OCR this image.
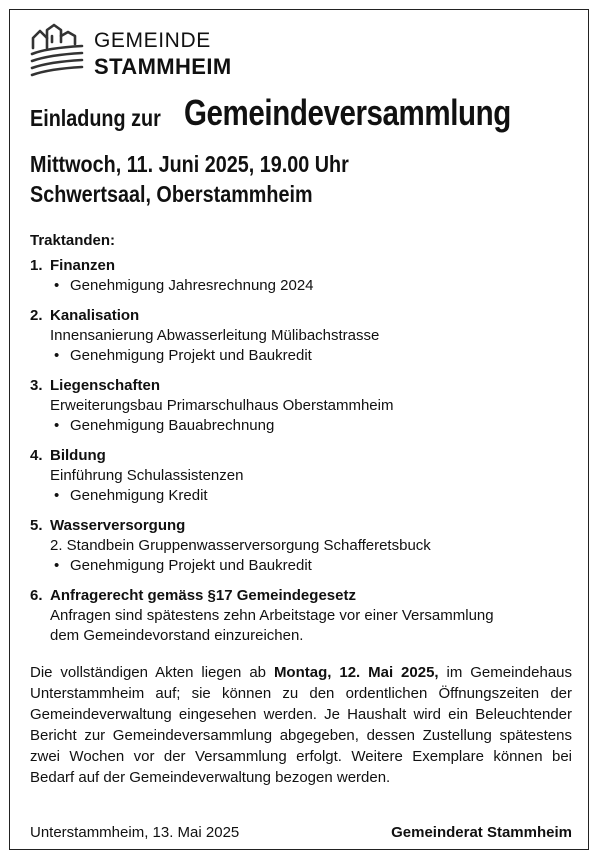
GEMEINDE
STAMMHEIM
Einladung zur Gemeindeversammlung
Mittwoch, 11. Juni 2025, 19.00 Uhr
Schwertsaal, Oberstammheim
Traktanden:
1. Finanzen
• Genehmigung Jahresrechnung 2024
2. Kanalisation
Innensanierung Abwasserleitung Mülibachstrasse
• Genehmigung Projekt und Baukredit
3. Liegenschaften
Erweiterungsbau Primarschulhaus Oberstammheim
• Genehmigung Bauabrechnung
4. Bildung
Einführung Schulassistenzen
• Genehmigung Kredit
5. Wasserversorgung
2. Standbein Gruppenwasserversorgung Schafferetsbuck
• Genehmigung Projekt und Baukredit
6. Anfragerecht gemäss §17 Gemeindegesetz
Anfragen sind spätestens zehn Arbeitstage vor einer Versammlung
dem Gemeindevorstand einzureichen.
Die vollständigen Akten liegen ab Montag, 12. Mai 2025, im Gemeindehaus Unterstammheim auf; sie können zu den ordentlichen Öffnungszeiten der Gemeindeverwaltung eingesehen werden. Je Haushalt wird ein Beleuchtender Bericht zur Gemeindeversammlung abgegeben, dessen Zustellung spätestens zwei Wochen vor der Versammlung erfolgt. Weitere Exemplare können bei Bedarf auf der Gemeindeverwaltung bezogen werden.
Unterstammheim, 13. Mai 2025	Gemeinderat Stammheim
